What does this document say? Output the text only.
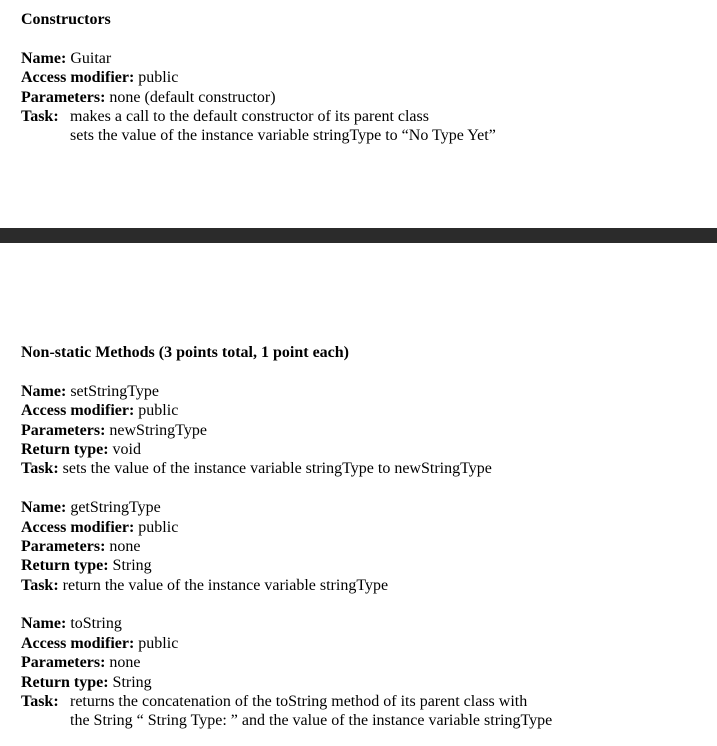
Constructors
Name: Guitar
Access modifier: public
Parameters: none (default constructor)
Task: makes a call to the default constructor of its parent class
sets the value of the instance variable stringType to “No Type Yet”
Non-static Methods (3 points total, 1 point each)
Name: setStringType
Access modifier: public
Parameters: newStringType
Return type: void
Task: sets the value of the instance variable stringType to newStringType
Name: getStringType
Access modifier: public
Parameters: none
Return type: String
Task: return the value of the instance variable stringType
Name: toString
Access modifier: public
Parameters: none
Return type: String
Task: returns the concatenation of the toString method of its parent class with
the String “ String Type: ” and the value of the instance variable stringType
